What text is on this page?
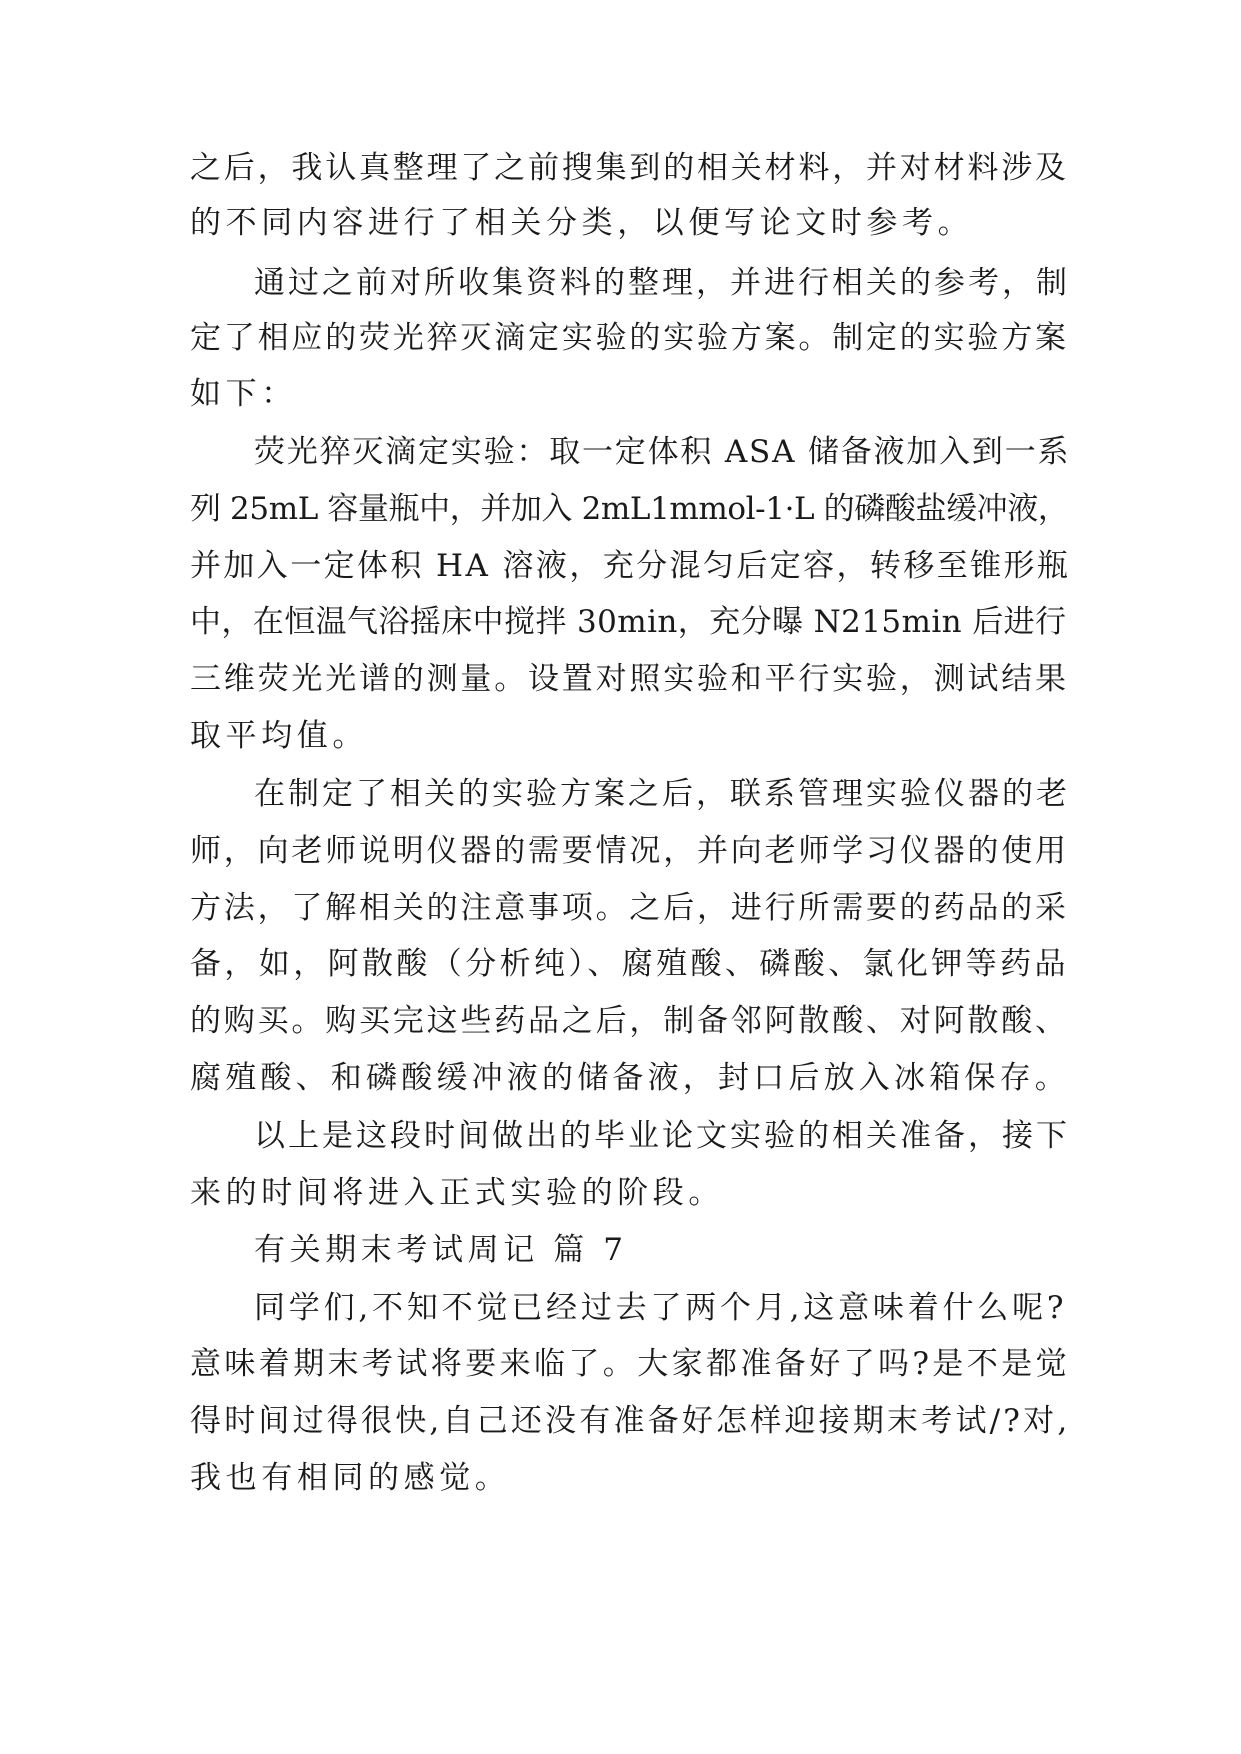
之后，我认真整理了之前搜集到的相关材料，并对材料涉及
的不同内容进行了相关分类，以便写论文时参考。
通过之前对所收集资料的整理，并进行相关的参考，制
定了相应的荧光猝灭滴定实验的实验方案。制定的实验方案
如下：
荧光猝灭滴定实验：取一定体积 ASA 储备液加入到一系
列 25mL 容量瓶中，并加入 2mL1mmol-1·L 的磷酸盐缓冲液，
并加入一定体积 HA 溶液，充分混匀后定容，转移至锥形瓶
中，在恒温气浴摇床中搅拌 30min，充分曝 N215min 后进行
三维荧光光谱的测量。设置对照实验和平行实验，测试结果
取平均值。
在制定了相关的实验方案之后，联系管理实验仪器的老
师，向老师说明仪器的需要情况，并向老师学习仪器的使用
方法，了解相关的注意事项。之后，进行所需要的药品的采
备，如，阿散酸（分析纯）、腐殖酸、磷酸、氯化钾等药品
的购买。购买完这些药品之后，制备邻阿散酸、对阿散酸、
腐殖酸、和磷酸缓冲液的储备液，封口后放入冰箱保存。
以上是这段时间做出的毕业论文实验的相关准备，接下
来的时间将进入正式实验的阶段。
有关期末考试周记 篇 7
同学们,不知不觉已经过去了两个月,这意味着什么呢?
意味着期末考试将要来临了。大家都准备好了吗?是不是觉
得时间过得很快,自己还没有准备好怎样迎接期末考试/?对,
我也有相同的感觉。
